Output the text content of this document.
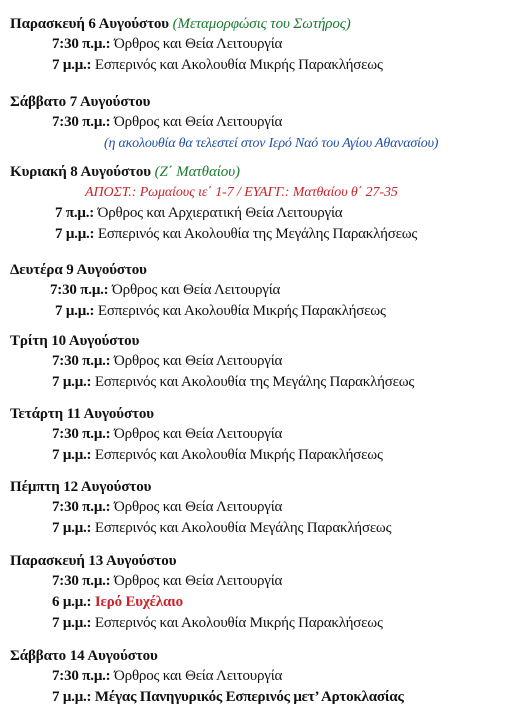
Παρασκευή 6 Αυγούστου (Μεταμορφώσις του Σωτήρος)
7:30 π.μ.: Όρθρος και Θεία Λειτουργία
7 μ.μ.: Εσπερινός και Ακολουθία Μικρής Παρακλήσεως
Σάββατο 7 Αυγούστου
7:30 π.μ.: Όρθρος και Θεία Λειτουργία
(η ακολουθία θα τελεστεί στον Ιερό Ναό του Αγίου Αθανασίου)
Κυριακή 8 Αυγούστου (Ζ΄ Ματθαίου)
ΑΠΟΣΤ.: Ρωμαίους ιε΄ 1-7 / ΕΥΑΓΓ.: Ματθαίου θ΄ 27-35
7 π.μ.: Όρθρος και Αρχιερατική Θεία Λειτουργία
7 μ.μ.: Εσπερινός και Ακολουθία της Μεγάλης Παρακλήσεως
Δευτέρα 9 Αυγούστου
7:30 π.μ.: Όρθρος και Θεία Λειτουργία
7 μ.μ.: Εσπερινός και Ακολουθία Μικρής Παρακλήσεως
Τρίτη 10 Αυγούστου
7:30 π.μ.: Όρθρος και Θεία Λειτουργία
7 μ.μ.: Εσπερινός και Ακολουθία της Μεγάλης Παρακλήσεως
Τετάρτη 11 Αυγούστου
7:30 π.μ.: Όρθρος και Θεία Λειτουργία
7 μ.μ.: Εσπερινός και Ακολουθία Μικρής Παρακλήσεως
Πέμπτη 12 Αυγούστου
7:30 π.μ.: Όρθρος και Θεία Λειτουργία
7 μ.μ.: Εσπερινός και Ακολουθία Μεγάλης Παρακλήσεως
Παρασκευή 13 Αυγούστου
7:30 π.μ.: Όρθρος και Θεία Λειτουργία
6 μ.μ.: Ιερό Ευχέλαιο
7 μ.μ.: Εσπερινός και Ακολουθία Μικρής Παρακλήσεως
Σάββατο 14 Αυγούστου
7:30 π.μ.: Όρθρος και Θεία Λειτουργία
7 μ.μ.: Μέγας Πανηγυρικός Εσπερινός μετ’ Αρτοκλασίας
